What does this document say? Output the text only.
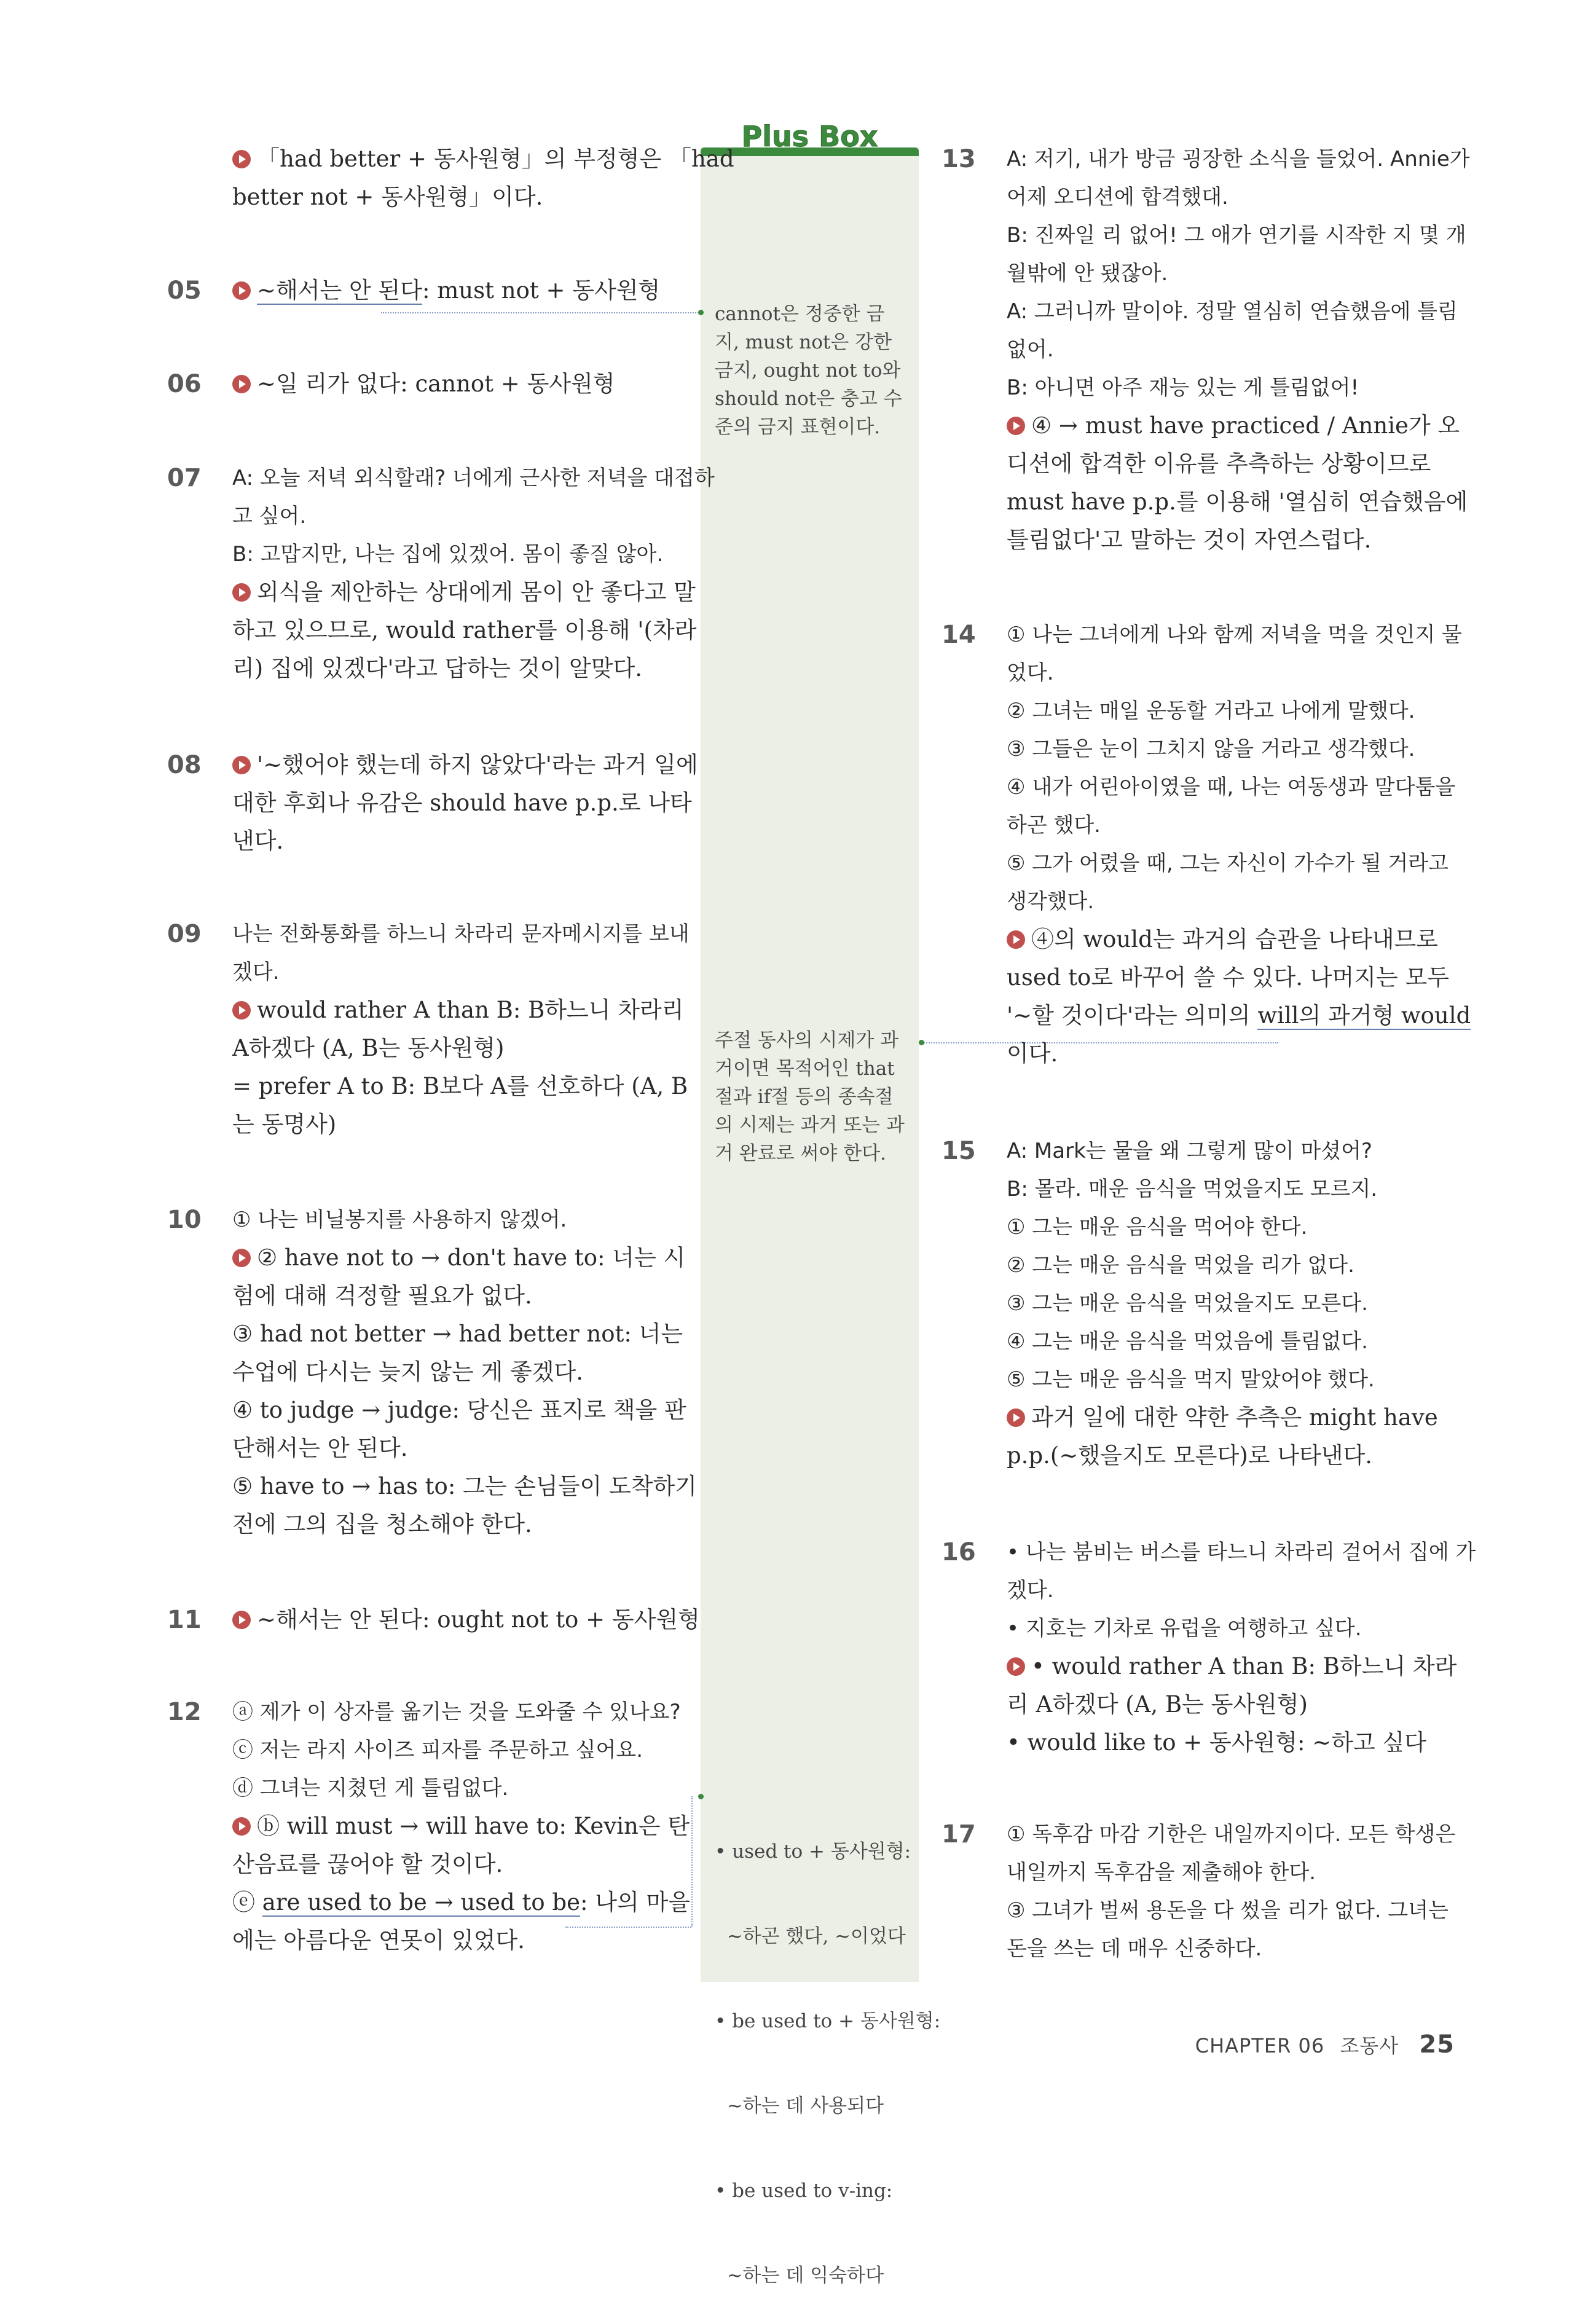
Plus Box
cannot은 정중한 금
지, must not은 강한
금지, ought not to와
should not은 충고 수
준의 금지 표현이다.
주절 동사의 시제가 과
거이면 목적어인 that
절과 if절 등의 종속절
의 시제는 과거 또는 과
거 완료로 써야 한다.

• used to + 동사원형:

~하곤 했다, ~이었다

• be used to + 동사원형:

~하는 데 사용되다

• be used to v-ing:

~하는 데 익숙하다

「had better + 동사원형」의 부정형은 「had
better not + 동사원형」이다.
05	~해서는 안 된다: must not + 동사원형
06	~일 리가 없다: cannot + 동사원형
07 A: 오늘 저녁 외식할래? 너에게 근사한 저녁을 대접하
고 싶어.
B: 고맙지만, 나는 집에 있겠어. 몸이 좋질 않아.
외식을 제안하는 상대에게 몸이 안 좋다고 말
하고 있으므로, would rather를 이용해 '(차라
리) 집에 있겠다'라고 답하는 것이 알맞다.
08	'~했어야 했는데 하지 않았다'라는 과거 일에
대한 후회나 유감은 should have p.p.로 나타
낸다.
09 나는 전화통화를 하느니 차라리 문자메시지를 보내
겠다.
would rather A than B: B하느니 차라리
A하겠다 (A, B는 동사원형)
= prefer A to B: B보다 A를 선호하다 (A, B
는 동명사)
10 ① 나는 비닐봉지를 사용하지 않겠어.
② have not to → don't have to: 너는 시
험에 대해 걱정할 필요가 없다.
③ had not better → had better not: 너는
수업에 다시는 늦지 않는 게 좋겠다.
④ to judge → judge: 당신은 표지로 책을 판
단해서는 안 된다.
⑤ have to → has to: 그는 손님들이 도착하기
전에 그의 집을 청소해야 한다.
11	~해서는 안 된다: ought not to + 동사원형
12 ⓐ 제가 이 상자를 옮기는 것을 도와줄 수 있나요?
ⓒ 저는 라지 사이즈 피자를 주문하고 싶어요.
ⓓ 그녀는 지쳤던 게 틀림없다.
ⓑ will must → will have to: Kevin은 탄
산음료를 끊어야 할 것이다.
ⓔ are used to be → used to be: 나의 마을
에는 아름다운 연못이 있었다.
13 A: 저기, 내가 방금 굉장한 소식을 들었어. Annie가
어제 오디션에 합격했대.
B: 진짜일 리 없어! 그 애가 연기를 시작한 지 몇 개
월밖에 안 됐잖아.
A: 그러니까 말이야. 정말 열심히 연습했음에 틀림
없어.
B: 아니면 아주 재능 있는 게 틀림없어!
④ → must have practiced / Annie가 오
디션에 합격한 이유를 추측하는 상황이므로
must have p.p.를 이용해 '열심히 연습했음에
틀림없다'고 말하는 것이 자연스럽다.
14 ① 나는 그녀에게 나와 함께 저녁을 먹을 것인지 물
었다.
② 그녀는 매일 운동할 거라고 나에게 말했다.
③ 그들은 눈이 그치지 않을 거라고 생각했다.
④ 내가 어린아이였을 때, 나는 여동생과 말다툼을
하곤 했다.
⑤ 그가 어렸을 때, 그는 자신이 가수가 될 거라고
생각했다.
④의 would는 과거의 습관을 나타내므로
used to로 바꾸어 쓸 수 있다. 나머지는 모두
'~할 것이다'라는 의미의 will의 과거형 would
이다.
15 A: Mark는 물을 왜 그렇게 많이 마셨어?
B: 몰라. 매운 음식을 먹었을지도 모르지.
① 그는 매운 음식을 먹어야 한다.
② 그는 매운 음식을 먹었을 리가 없다.
③ 그는 매운 음식을 먹었을지도 모른다.
④ 그는 매운 음식을 먹었음에 틀림없다.
⑤ 그는 매운 음식을 먹지 말았어야 했다.
과거 일에 대한 약한 추측은 might have
p.p.(~했을지도 모른다)로 나타낸다.
16 • 나는 붐비는 버스를 타느니 차라리 걸어서 집에 가
겠다.
• 지호는 기차로 유럽을 여행하고 싶다.
• would rather A than B: B하느니 차라
리 A하겠다 (A, B는 동사원형)
• would like to + 동사원형: ~하고 싶다
17 ① 독후감 마감 기한은 내일까지이다. 모든 학생은
내일까지 독후감을 제출해야 한다.
③ 그녀가 벌써 용돈을 다 썼을 리가 없다. 그녀는
돈을 쓰는 데 매우 신중하다.
CHAPTER 06 조동사 25
